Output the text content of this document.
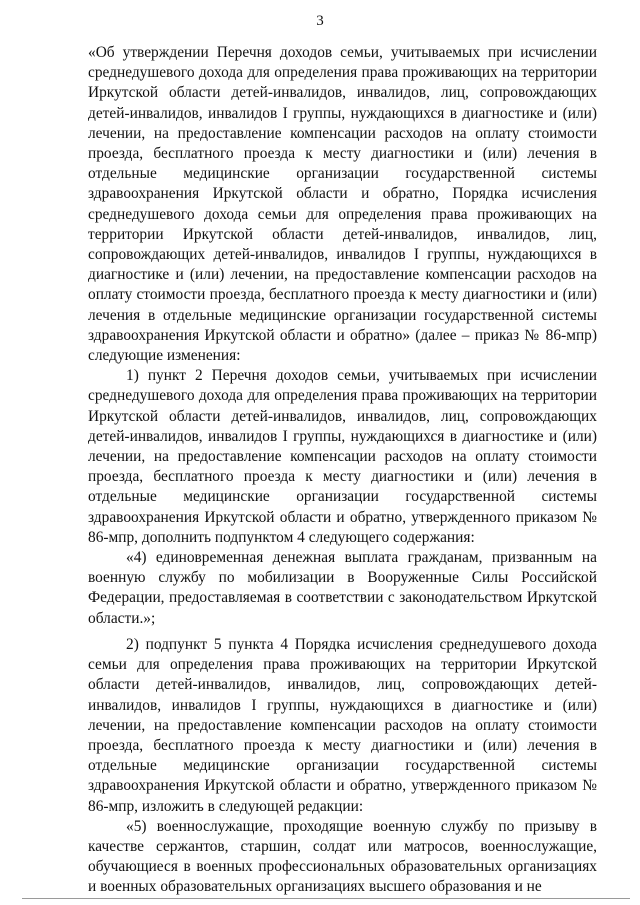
3

«Об утверждении Перечня доходов семьи, учитываемых при исчислении среднедушевого дохода для определения права проживающих на территории Иркутской области детей-инвалидов, инвалидов, лиц, сопровождающих детей-инвалидов, инвалидов I группы, нуждающихся в диагностике и (или) лечении, на предоставление компенсации расходов на оплату стоимости проезда, бесплатного проезда к месту диагностики и (или) лечения в отдельные медицинские организации государственной системы здравоохранения Иркутской области и обратно, Порядка исчисления среднедушевого дохода семьи для определения права проживающих на территории Иркутской области детей-инвалидов, инвалидов, лиц, сопровождающих детей-инвалидов, инвалидов I группы, нуждающихся в диагностике и (или) лечении, на предоставление компенсации расходов на оплату стоимости проезда, бесплатного проезда к месту диагностики и (или) лечения в отдельные медицинские организации государственной системы здравоохранения Иркутской области и обратно» (далее – приказ № 86-мпр) следующие изменения:

1) пункт 2 Перечня доходов семьи, учитываемых при исчислении среднедушевого дохода для определения права проживающих на территории Иркутской области детей-инвалидов, инвалидов, лиц, сопровождающих детей-инвалидов, инвалидов I группы, нуждающихся в диагностике и (или) лечении, на предоставление компенсации расходов на оплату стоимости проезда, бесплатного проезда к месту диагностики и (или) лечения в отдельные медицинские организации государственной системы здравоохранения Иркутской области и обратно, утвержденного приказом № 86-мпр, дополнить подпунктом 4 следующего содержания:

«4) единовременная денежная выплата гражданам, призванным на военную службу по мобилизации в Вооруженные Силы Российской Федерации, предоставляемая в соответствии с законодательством Иркутской области.»;

2) подпункт 5 пункта 4 Порядка исчисления среднедушевого дохода семьи для определения права проживающих на территории Иркутской области детей-инвалидов, инвалидов, лиц, сопровождающих детей-инвалидов, инвалидов I группы, нуждающихся в диагностике и (или) лечении, на предоставление компенсации расходов на оплату стоимости проезда, бесплатного проезда к месту диагностики и (или) лечения в отдельные медицинские организации государственной системы здравоохранения Иркутской области и обратно, утвержденного приказом № 86-мпр, изложить в следующей редакции:

«5) военнослужащие, проходящие военную службу по призыву в качестве сержантов, старшин, солдат или матросов, военнослужащие, обучающиеся в военных профессиональных образовательных организациях и военных образовательных организациях высшего образования и не
